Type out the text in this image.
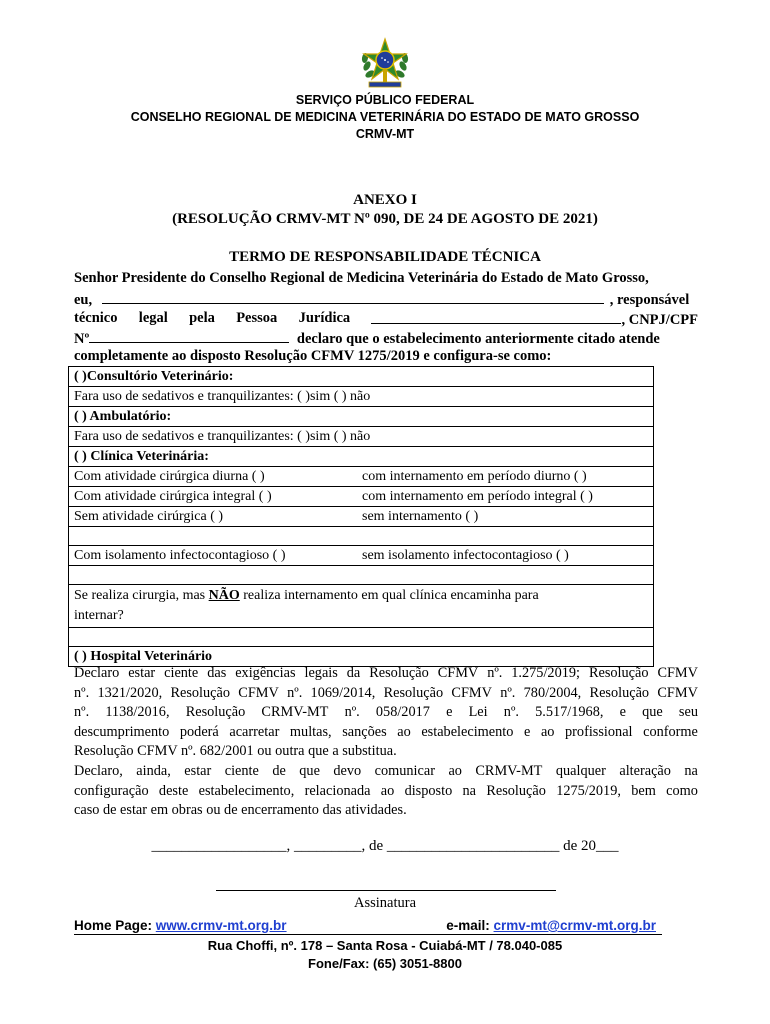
SERVIÇO PÚBLICO FEDERAL
CONSELHO REGIONAL DE MEDICINA VETERINÁRIA DO ESTADO DE MATO GROSSO
CRMV-MT
ANEXO I
(RESOLUÇÃO CRMV-MT Nº 090, DE 24 DE AGOSTO DE 2021)
TERMO DE RESPONSABILIDADE TÉCNICA
Senhor Presidente do Conselho Regional de Medicina Veterinária do Estado de Mato Grosso,
eu,	, responsável
técnico legal pela Pessoa Jurídica	, CNPJ/CPF
Nº	declaro que o estabelecimento anteriormente citado atende
completamente ao disposto Resolução CFMV 1275/2019 e configura-se como:
( )Consultório Veterinário:
Fara uso de sedativos e tranquilizantes: ( )sim ( ) não
( ) Ambulatório:
Fara uso de sedativos e tranquilizantes: ( )sim ( ) não
( ) Clínica Veterinária:
Com atividade cirúrgica diurna ( )	com internamento em período diurno ( )
Com atividade cirúrgica integral ( )	com internamento em período integral ( )
Sem atividade cirúrgica ( )	sem internamento ( )
Com isolamento infectocontagioso ( )	sem isolamento infectocontagioso ( )
Se realiza cirurgia, mas NÃO realiza internamento em qual clínica encaminha para
internar?
( ) Hospital Veterinário
Declaro estar ciente das exigências legais da Resolução CFMV nº. 1.275/2019; Resolução CFMV
nº. 1321/2020, Resolução CFMV nº. 1069/2014, Resolução CFMV nº. 780/2004, Resolução CFMV
nº. 1138/2016, Resolução CRMV-MT nº. 058/2017 e Lei nº. 5.517/1968, e que seu
descumprimento poderá acarretar multas, sanções ao estabelecimento e ao profissional conforme
Resolução CFMV nº. 682/2001 ou outra que a substitua.
Declaro, ainda, estar ciente de que devo comunicar ao CRMV-MT qualquer alteração na
configuração deste estabelecimento, relacionada ao disposto na Resolução 1275/2019, bem como
caso de estar em obras ou de encerramento das atividades.
__________________, _________, de _______________________ de 20___
Assinatura
Home Page: www.crmv-mt.org.br	e-mail: crmv-mt@crmv-mt.org.br
Rua Choffi, nº. 178 – Santa Rosa - Cuiabá-MT / 78.040-085
Fone/Fax: (65) 3051-8800
